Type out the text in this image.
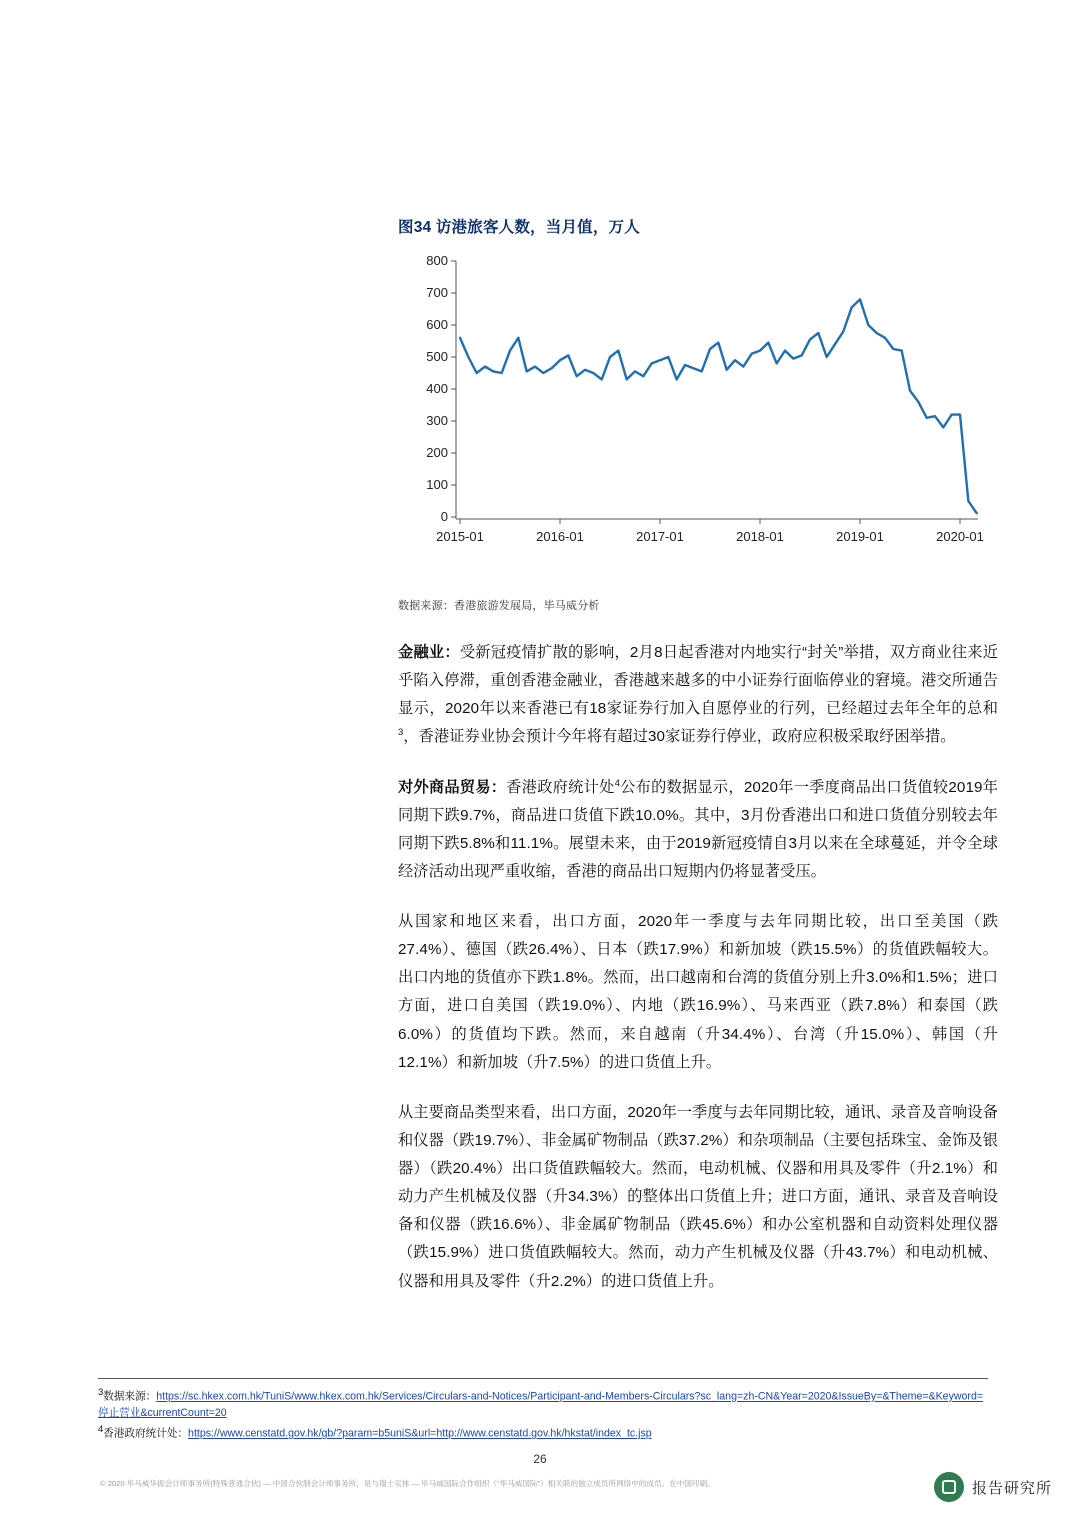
图34 访港旅客人数，当月值，万人
800
700
600
500
400
300
200
100
0
2015-01	2016-01	2017-01	2018-01	2019-01	2020-01
数据来源：香港旅游发展局，毕马威分析

金融业：受新冠疫情扩散的影响，2月8日起香港对内地实行“封关”举措，双方商业往来近乎陷入停滞，重创香港金融业，香港越来越多的中小证券行面临停业的窘境。港交所通告显示，2020年以来香港已有18家证券行加入自愿停业的行列，已经超过去年全年的总和$^3$，香港证券业协会预计今年将有超过30家证券行停业，政府应积极采取纾困举措。

对外商品贸易：香港政府统计处$^4$公布的数据显示，2020年一季度商品出口货值较2019年同期下跌9.7%，商品进口货值下跌10.0%。其中，3月份香港出口和进口货值分别较去年同期下跌5.8%和11.1%。展望未来，由于2019新冠疫情自3月以来在全球蔓延，并令全球经济活动出现严重收缩，香港的商品出口短期内仍将显著受压。

从国家和地区来看，出口方面，2020年一季度与去年同期比较，出口至美国（跌27.4%）、德国（跌26.4%）、日本（跌17.9%）和新加坡（跌15.5%）的货值跌幅较大。出口内地的货值亦下跌1.8%。然而，出口越南和台湾的货值分别上升3.0%和1.5%；进口方面，进口自美国（跌19.0%）、内地（跌16.9%）、马来西亚（跌7.8%）和泰国（跌6.0%）的货值均下跌。然而，来自越南（升34.4%）、台湾（升15.0%）、韩国（升12.1%）和新加坡（升7.5%）的进口货值上升。

从主要商品类型来看，出口方面，2020年一季度与去年同期比较，通讯、录音及音响设备和仪器（跌19.7%）、非金属矿物制品（跌37.2%）和杂项制品（主要包括珠宝、金饰及银器）（跌20.4%）出口货值跌幅较大。然而，电动机械、仪器和用具及零件（升2.1%）和动力产生机械及仪器（升34.3%）的整体出口货值上升；进口方面，通讯、录音及音响设备和仪器（跌16.6%）、非金属矿物制品（跌45.6%）和办公室机器和自动资料处理仪器（跌15.9%）进口货值跌幅较大。然而，动力产生机械及仪器（升43.7%）和电动机械、仪器和用具及零件（升2.2%）的进口货值上升。

$^3$数据来源：https://sc.hkex.com.hk/TuniS/www.hkex.com.hk/Services/Circulars-and-Notices/Participant-and-Members-Circulars?sc_lang=zh-CN&Year=2020&IssueBy=&Theme=&Keyword=停止营业&currentCount=20
$^4$香港政府统计处：https://www.censtatd.gov.hk/gb/?param=b5uniS&url=http://www.censtatd.gov.hk/hkstat/index_tc.jsp
26
© 2020 毕马威华振会计师事务所(特殊普通合伙) — 中国合伙制会计师事务所，是与瑞士实体 — 毕马威国际合作组织（“毕马威国际”）相关联的独立成员所网络中的成员。在中国印刷。	报告研究所
